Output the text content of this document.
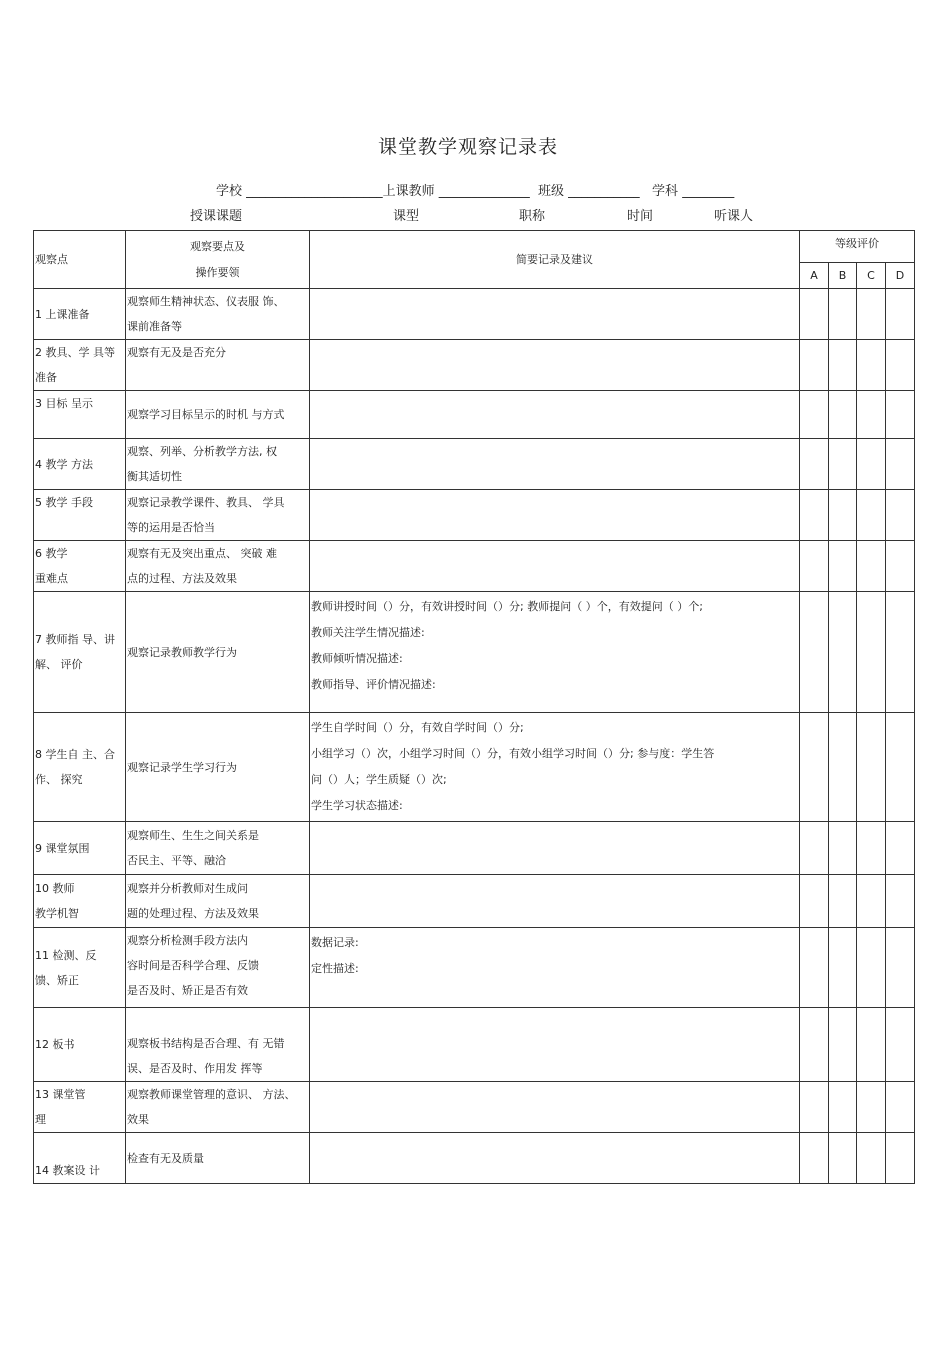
课堂教学观察记录表
学校 _____________________上课教师 ______________  班级 ___________   学科 ________
授课课题	课型	职称	时间	听课人
观察点	观察要点及
操作要领	简要记录及建议	等级评价			
			A	B	C	D

1 上课准备	观察师生精神状态、仪表服 饰、
课前准备等					

2 教具、学 具等
准备	观察有无及是否充分					

3 目标 呈示	观察学习目标呈示的时机 与方式					

4 教学 方法	观察、列举、分析教学方法, 权
衡其适切性					

5 教学 手段	观察记录教学课件、教具、 学具
等的运用是否恰当					

6 教学
重难点	观察有无及突出重点、 突破 难
点的过程、方法及效果					

7 教师指 导、讲
解、 评价	观察记录教师教学行为	教师讲授时间（）分，有效讲授时间（）分; 教师提问（ ）个，有效提问（ ）个;
教师关注学生情况描述:
教师倾听情况描述:
教师指导、评价情况描述:				

8 学生自 主、合
作、 探究	观察记录学生学习行为	学生自学时间（）分，有效自学时间（）分;
小组学习（）次，小组学习时间（）分，有效小组学习时间（）分; 参与度：学生答
问（）人；学生质疑（）次;
学生学习状态描述:				

9 课堂氛围	观察师生、生生之间关系是
否民主、平等、融洽					

10 教师
教学机智	观察并分析教师对生成问
题的处理过程、方法及效果					

11 检测、反
馈、矫正	观察分析检测手段方法内
容时间是否科学合理、反馈
是否及时、矫正是否有效	数据记录:
定性描述:				

12 板书	观察板书结构是否合理、有 无错
误、是否及时、作用发 挥等					

13 课堂管
理	观察教师课堂管理的意识、 方法、
效果					

14 教案设 计	检查有无及质量					
